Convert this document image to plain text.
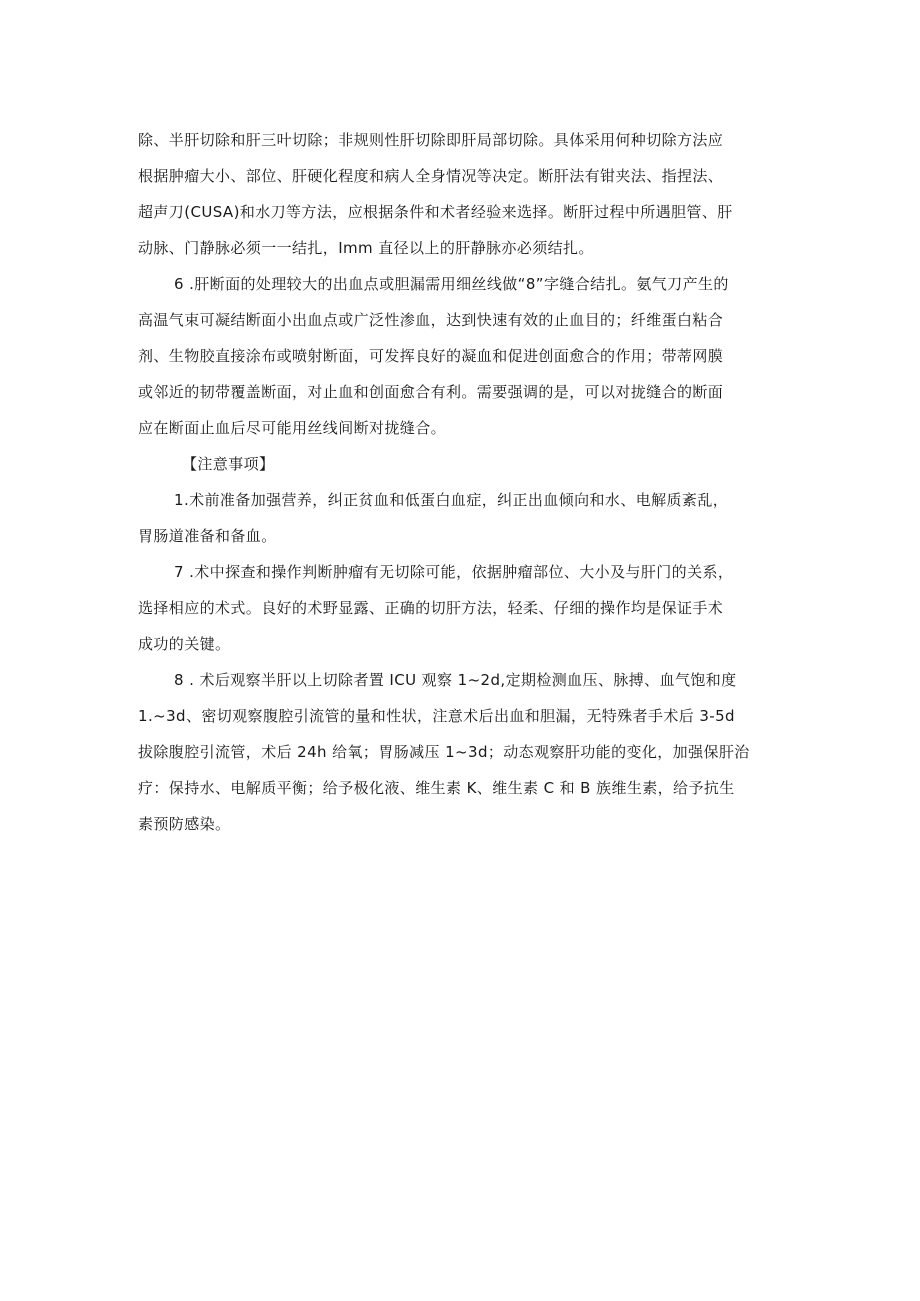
除、半肝切除和肝三叶切除；非规则性肝切除即肝局部切除。具体采用何种切除方法应
根据肿瘤大小、部位、肝硬化程度和病人全身情况等决定。断肝法有钳夹法、指捏法、
超声刀(CUSA)和水刀等方法，应根据条件和术者经验来选择。断肝过程中所遇胆管、肝
动脉、门静脉必须一一结扎，Imm 直径以上的肝静脉亦必须结扎。
6 .肝断面的处理较大的出血点或胆漏需用细丝线做“8”字缝合结扎。氨气刀产生的
高温气束可凝结断面小出血点或广泛性渗血，达到快速有效的止血目的；纤维蛋白粘合
剂、生物胶直接涂布或喷射断面，可发挥良好的凝血和促进创面愈合的作用；带蒂网膜
或邻近的韧带覆盖断面，对止血和创面愈合有利。需要强调的是，可以对拢缝合的断面
应在断面止血后尽可能用丝线间断对拢缝合。
【注意事项】
1.术前准备加强营养，纠正贫血和低蛋白血症，纠正出血倾向和水、电解质紊乱，
胃肠道准备和备血。
7 .术中探查和操作判断肿瘤有无切除可能，依据肿瘤部位、大小及与肝门的关系，
选择相应的术式。良好的术野显露、正确的切肝方法，轻柔、仔细的操作均是保证手术
成功的关键。
8 . 术后观察半肝以上切除者置 ICU 观察 1~2d,定期检测血压、脉搏、血气饱和度
1.~3d、密切观察腹腔引流管的量和性状，注意术后出血和胆漏，无特殊者手术后 3-5d
拔除腹腔引流管，术后 24h 给氧；胃肠减压 1~3d；动态观察肝功能的变化，加强保肝治
疗：保持水、电解质平衡；给予极化液、维生素 K、维生素 C 和 B 族维生素，给予抗生
素预防感染。
